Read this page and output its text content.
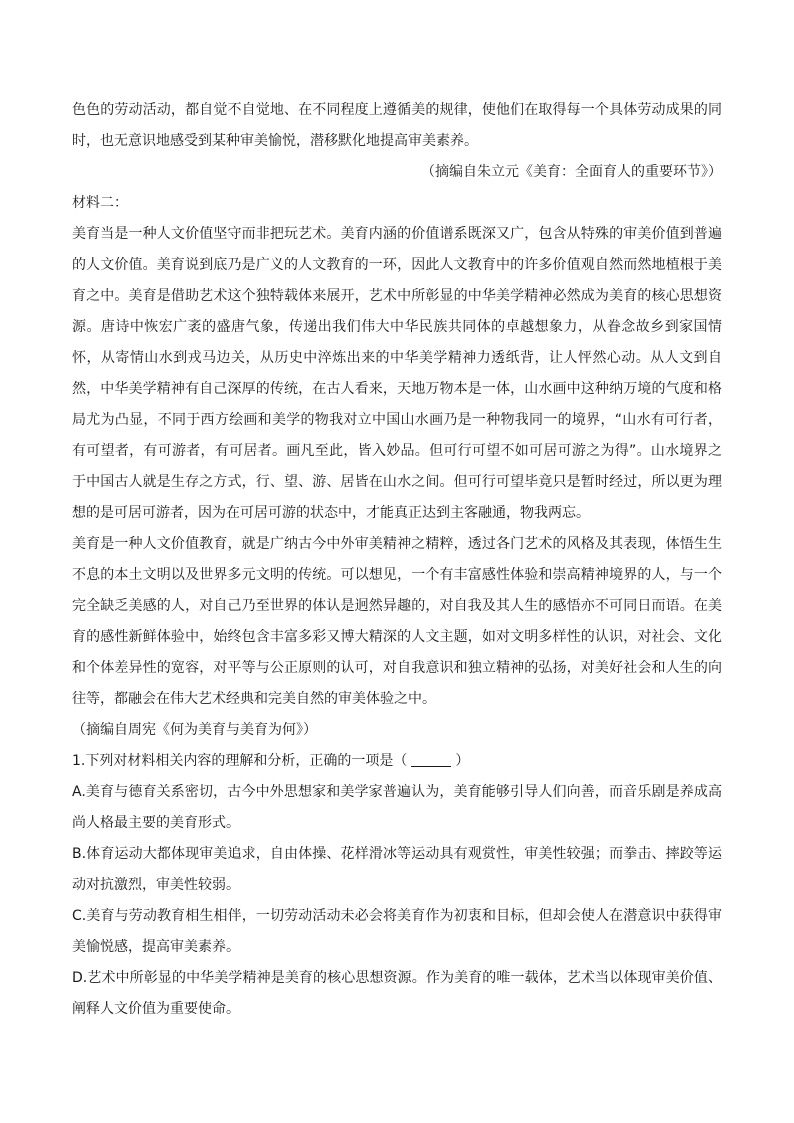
色色的劳动活动，都自觉不自觉地、在不同程度上遵循美的规律，使他们在取得每一个具体劳动成果的同时，也无意识地感受到某种审美愉悦，潜移默化地提高审美素养。

（摘编自朱立元《美育：全面育人的重要环节》）

材料二：

美育当是一种人文价值坚守而非把玩艺术。美育内涵的价值谱系既深又广，包含从特殊的审美价值到普遍的人文价值。美育说到底乃是广义的人文教育的一环，因此人文教育中的许多价值观自然而然地植根于美育之中。美育是借助艺术这个独特载体来展开，艺术中所彰显的中华美学精神必然成为美育的核心思想资源。唐诗中恢宏广袤的盛唐气象，传递出我们伟大中华民族共同体的卓越想象力，从眷念故乡到家国情怀，从寄情山水到戎马边关，从历史中淬炼出来的中华美学精神力透纸背，让人怦然心动。从人文到自然，中华美学精神有自己深厚的传统，在古人看来，天地万物本是一体，山水画中这种纳万境的气度和格局尤为凸显，不同于西方绘画和美学的物我对立中国山水画乃是一种物我同一的境界，“山水有可行者，有可望者，有可游者，有可居者。画凡至此，皆入妙品。但可行可望不如可居可游之为得”。山水境界之于中国古人就是生存之方式，行、望、游、居皆在山水之间。但可行可望毕竟只是暂时经过，所以更为理想的是可居可游者，因为在可居可游的状态中，才能真正达到主客融通，物我两忘。

美育是一种人文价值教育，就是广纳古今中外审美精神之精粹，透过各门艺术的风格及其表现，体悟生生不息的本土文明以及世界多元文明的传统。可以想见，一个有丰富感性体验和崇高精神境界的人，与一个完全缺乏美感的人，对自己乃至世界的体认是迥然异趣的，对自我及其人生的感悟亦不可同日而语。在美育的感性新鲜体验中，始终包含丰富多彩又博大精深的人文主题，如对文明多样性的认识，对社会、文化和个体差异性的宽容，对平等与公正原则的认可，对自我意识和独立精神的弘扬，对美好社会和人生的向往等，都融会在伟大艺术经典和完美自然的审美体验之中。

（摘编自周宪《何为美育与美育为何》）

1.下列对材料相关内容的理解和分析，正确的一项是（	）

A.美育与德育关系密切，古今中外思想家和美学家普遍认为，美育能够引导人们向善，而音乐剧是养成高尚人格最主要的美育形式。

B.体育运动大都体现审美追求，自由体操、花样滑冰等运动具有观赏性，审美性较强；而拳击、摔跤等运动对抗激烈，审美性较弱。

C.美育与劳动教育相生相伴，一切劳动活动未必会将美育作为初衷和目标，但却会使人在潜意识中获得审美愉悦感，提高审美素养。

D.艺术中所彰显的中华美学精神是美育的核心思想资源。作为美育的唯一载体，艺术当以体现审美价值、阐释人文价值为重要使命。
